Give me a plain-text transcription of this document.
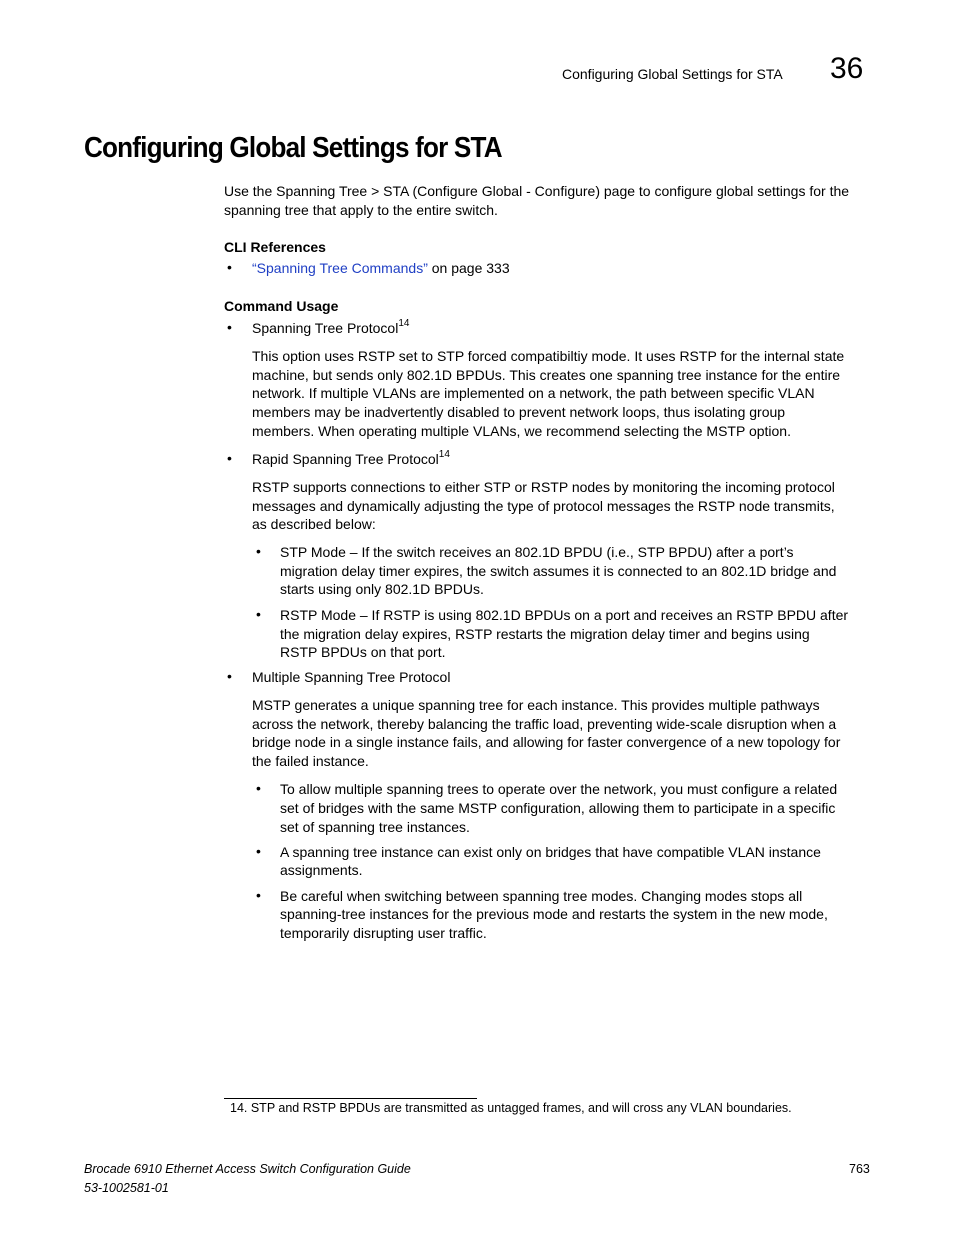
Configuring Global Settings for STA 36
Configuring Global Settings for STA
Use the Spanning Tree > STA (Configure Global - Configure) page to configure global settings for the
spanning tree that apply to the entire switch.
CLI References
• “Spanning Tree Commands” on page 333
Command Usage
• Spanning Tree Protocol$^{14}$
This option uses RSTP set to STP forced compatibiltiy mode. It uses RSTP for the internal state
machine, but sends only 802.1D BPDUs. This creates one spanning tree instance for the entire
network. If multiple VLANs are implemented on a network, the path between specific VLAN
members may be inadvertently disabled to prevent network loops, thus isolating group
members. When operating multiple VLANs, we recommend selecting the MSTP option.
• Rapid Spanning Tree Protocol$^{14}$
RSTP supports connections to either STP or RSTP nodes by monitoring the incoming protocol
messages and dynamically adjusting the type of protocol messages the RSTP node transmits,
as described below:
• STP Mode – If the switch receives an 802.1D BPDU (i.e., STP BPDU) after a port’s
migration delay timer expires, the switch assumes it is connected to an 802.1D bridge and
starts using only 802.1D BPDUs.
• RSTP Mode – If RSTP is using 802.1D BPDUs on a port and receives an RSTP BPDU after
the migration delay expires, RSTP restarts the migration delay timer and begins using
RSTP BPDUs on that port.
• Multiple Spanning Tree Protocol
MSTP generates a unique spanning tree for each instance. This provides multiple pathways
across the network, thereby balancing the traffic load, preventing wide-scale disruption when a
bridge node in a single instance fails, and allowing for faster convergence of a new topology for
the failed instance.
• To allow multiple spanning trees to operate over the network, you must configure a related
set of bridges with the same MSTP configuration, allowing them to participate in a specific
set of spanning tree instances.
• A spanning tree instance can exist only on bridges that have compatible VLAN instance
assignments.
• Be careful when switching between spanning tree modes. Changing modes stops all
spanning-tree instances for the previous mode and restarts the system in the new mode,
temporarily disrupting user traffic.
14. STP and RSTP BPDUs are transmitted as untagged frames, and will cross any VLAN boundaries.
Brocade 6910 Ethernet Access Switch Configuration Guide
53-1002581-01
763
